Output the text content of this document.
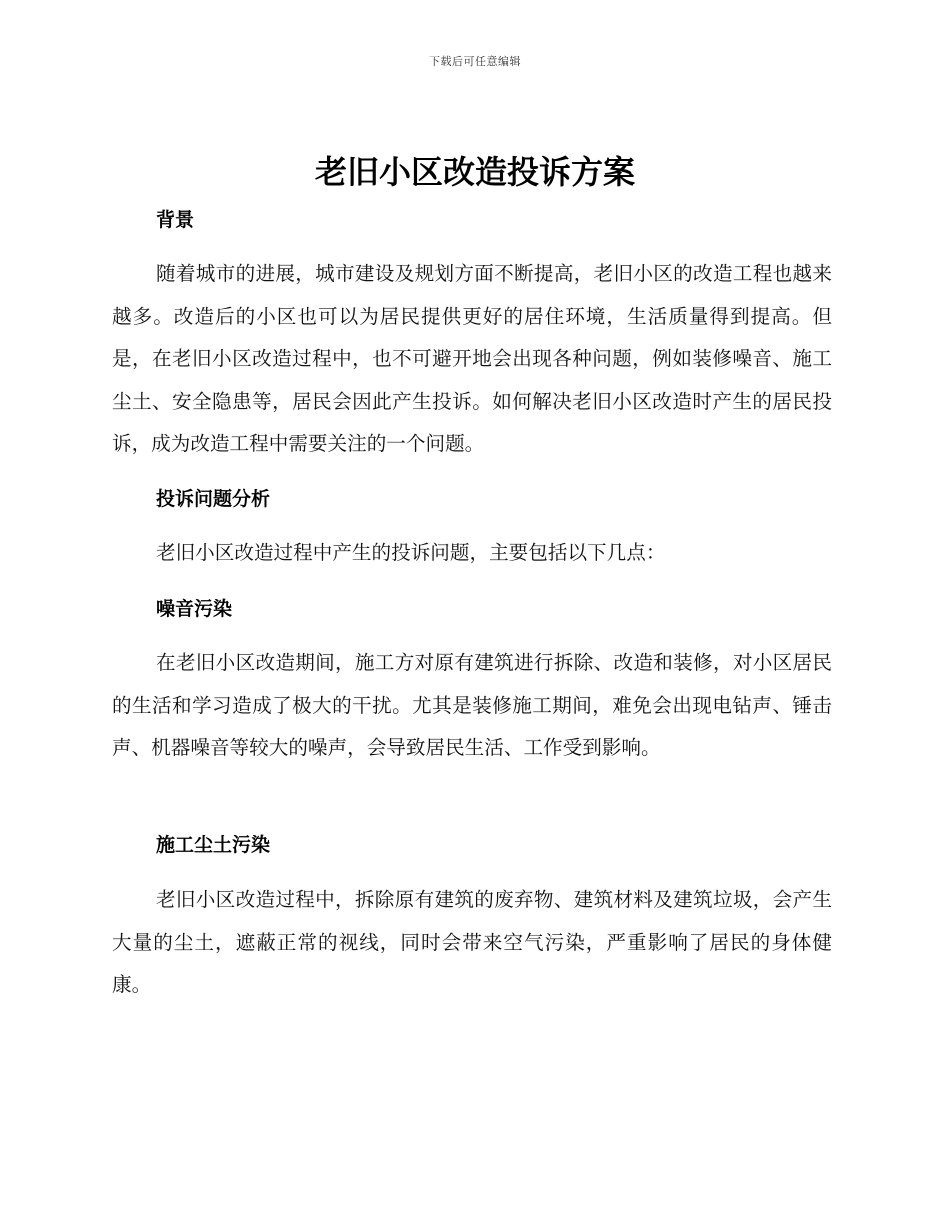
下载后可任意编辑
老旧小区改造投诉方案
背景

随着城市的进展，城市建设及规划方面不断提高，老旧小区的改造工程也越来越多。改造后的小区也可以为居民提供更好的居住环境，生活质量得到提高。但是，在老旧小区改造过程中，也不可避开地会出现各种问题，例如装修噪音、施工尘土、安全隐患等，居民会因此产生投诉。如何解决老旧小区改造时产生的居民投诉，成为改造工程中需要关注的一个问题。

投诉问题分析

老旧小区改造过程中产生的投诉问题，主要包括以下几点：

噪音污染

在老旧小区改造期间，施工方对原有建筑进行拆除、改造和装修，对小区居民的生活和学习造成了极大的干扰。尤其是装修施工期间，难免会出现电钻声、锤击声、机器噪音等较大的噪声，会导致居民生活、工作受到影响。

施工尘土污染

老旧小区改造过程中，拆除原有建筑的废弃物、建筑材料及建筑垃圾，会产生大量的尘土，遮蔽正常的视线，同时会带来空气污染，严重影响了居民的身体健康。
